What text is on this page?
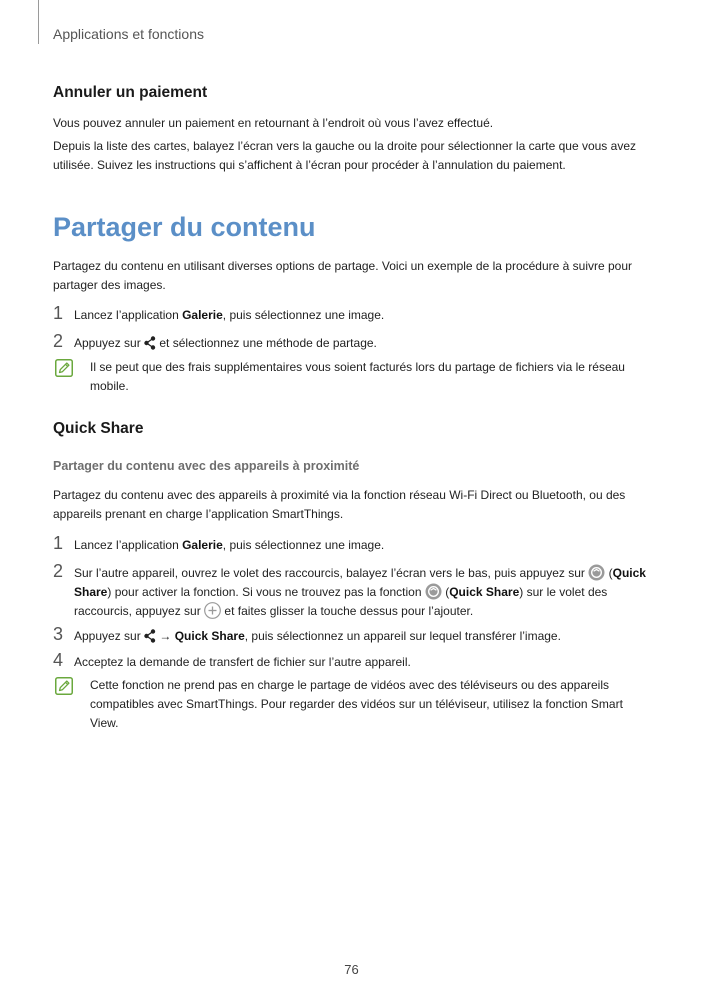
Applications et fonctions
Annuler un paiement
Vous pouvez annuler un paiement en retournant à l’endroit où vous l’avez effectué.
Depuis la liste des cartes, balayez l’écran vers la gauche ou la droite pour sélectionner la carte que vous avez
utilisée. Suivez les instructions qui s’affichent à l’écran pour procéder à l’annulation du paiement.
Partager du contenu
Partagez du contenu en utilisant diverses options de partage. Voici un exemple de la procédure à suivre pour
partager des images.
1 Lancez l’application Galerie, puis sélectionnez une image.
2 Appuyez sur  et sélectionnez une méthode de partage.
Il se peut que des frais supplémentaires vous soient facturés lors du partage de fichiers via le réseau
mobile.
Quick Share
Partager du contenu avec des appareils à proximité
Partagez du contenu avec des appareils à proximité via la fonction réseau Wi-Fi Direct ou Bluetooth, ou des
appareils prenant en charge l’application SmartThings.
1 Lancez l’application Galerie, puis sélectionnez une image.
2 Sur l’autre appareil, ouvrez le volet des raccourcis, balayez l’écran vers le bas, puis appuyez sur  (Quick
Share) pour activer la fonction. Si vous ne trouvez pas la fonction  (Quick Share) sur le volet des
raccourcis, appuyez sur  et faites glisser la touche dessus pour l’ajouter.
3 Appuyez sur  → Quick Share, puis sélectionnez un appareil sur lequel transférer l’image.
4 Acceptez la demande de transfert de fichier sur l’autre appareil.
Cette fonction ne prend pas en charge le partage de vidéos avec des téléviseurs ou des appareils
compatibles avec SmartThings. Pour regarder des vidéos sur un téléviseur, utilisez la fonction Smart
View.
76
